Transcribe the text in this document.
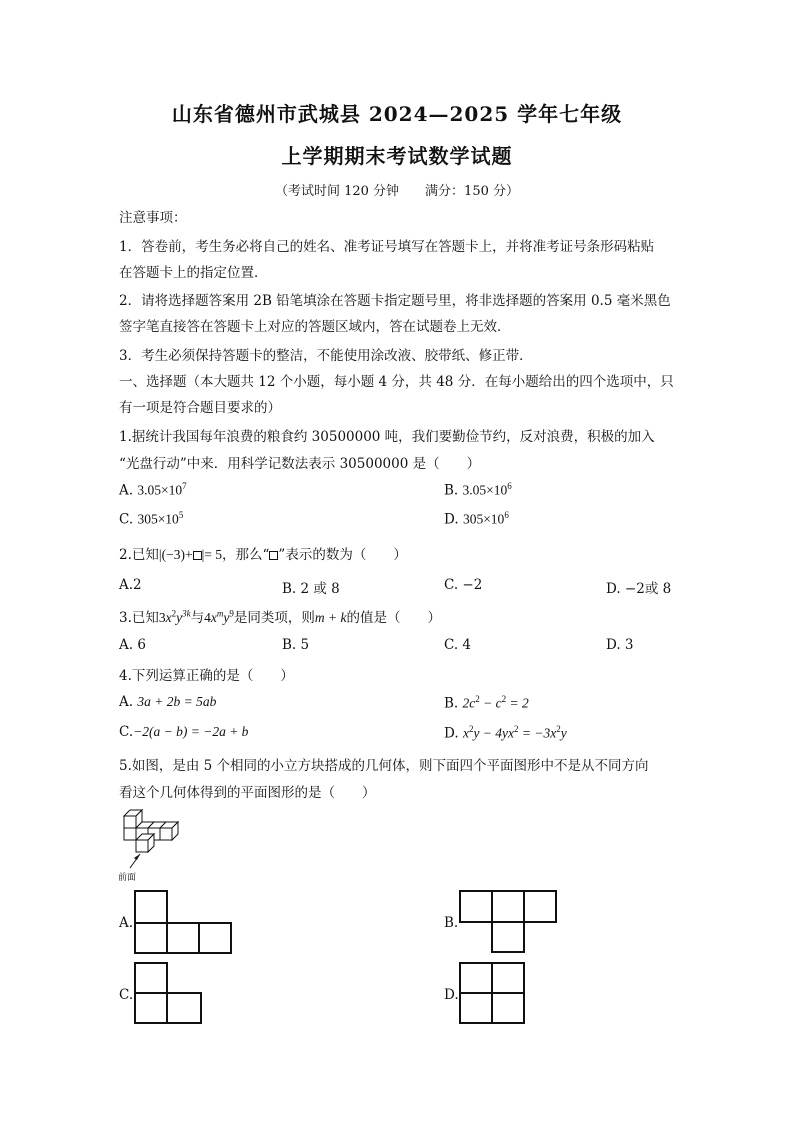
山东省德州市武城县 2024—2025 学年七年级
上学期期末考试数学试题
（考试时间 120 分钟　　满分：150 分）
注意事项：
1．答卷前，考生务必将自己的姓名、准考证号填写在答题卡上，并将准考证号条形码粘贴
在答题卡上的指定位置．
2．请将选择题答案用 2B 铅笔填涂在答题卡指定题号里，将非选择题的答案用 0.5 毫米黑色
签字笔直接答在答题卡上对应的答题区域内，答在试题卷上无效．
3．考生必须保持答题卡的整洁，不能使用涂改液、胶带纸、修正带．
一、选择题（本大题共 12 个小题，每小题 4 分，共 48 分．在每小题给出的四个选项中，只
有一项是符合题目要求的）
1.据统计我国每年浪费的粮食约 30500000 吨，我们要勤俭节约，反对浪费，积极的加入
“光盘行动”中来．用科学记数法表示 30500000 是（　　）
A. $3.05\times 10^7$	B. $3.05\times 10^6$
C. $305\times 10^5$	D. $305\times 10^6$
2.已知|(−3)+ |= 5，那么“ ”表示的数为（　　）
A.2	B. 2 或 8	C. −2	D. −2或 8
3.已知$3x^2y^{3k}$与$4x^my^9$是同类项，则m + k的值是（　　）
A. 6	B. 5	C. 4	D. 3
4.下列运算正确的是（　　）
A. 3a + 2b = 5ab	B. $2c^2 - c^2 = 2$
C.−2(a − b) = −2a + b	D. $x^2y - 4yx^2 = -3x^2y$
5.如图，是由 5 个相同的小立方块搭成的几何体，则下面四个平面图形中不是从不同方向
看这个几何体得到的平面图形的是（　　）
前面
A.	B.
C.	D.
